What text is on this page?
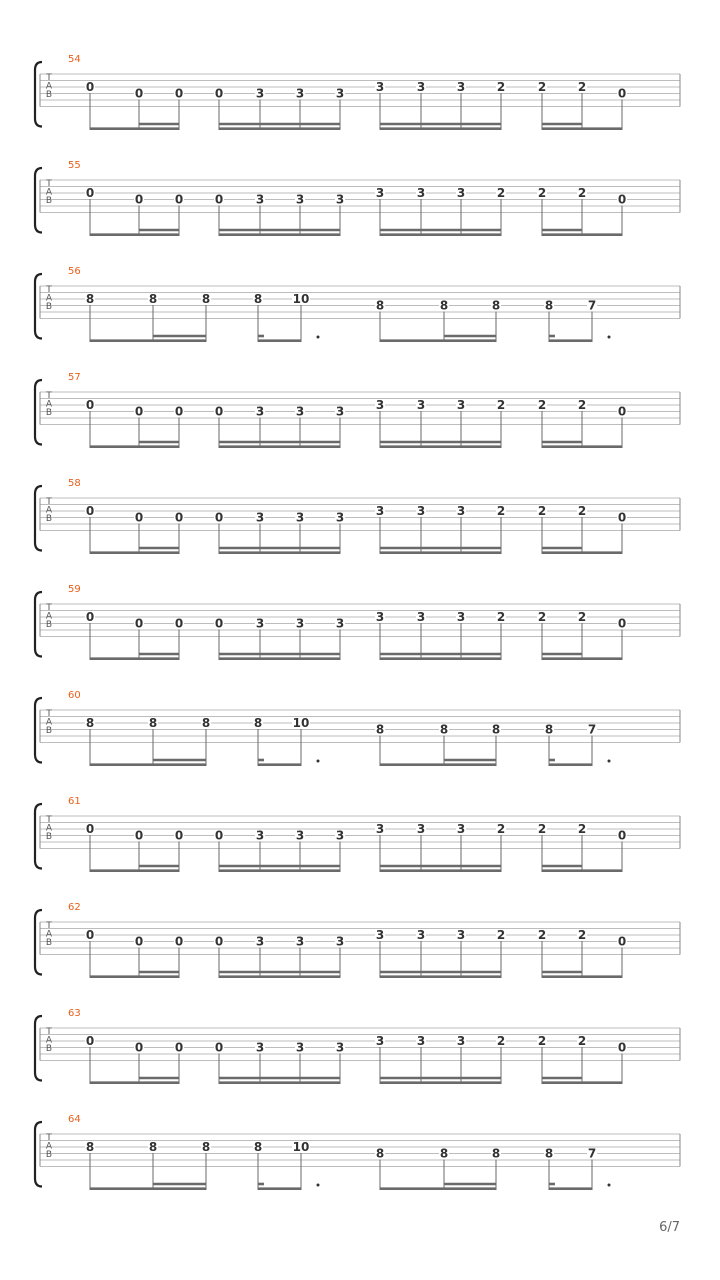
T
A
B
54
0	0	0	0	3	3	3	3	3	3	2	2	2	0
T
A
B
55
0	0	0	0	3	3	3	3	3	3	2	2	2	0
T
A
B
56
8	8	8	8	10	8	8	8	8	7
T
A
B
57
0	0	0	0	3	3	3	3	3	3	2	2	2	0
T
A
B
58
0	0	0	0	3	3	3	3	3	3	2	2	2	0
T
A
B
59
0	0	0	0	3	3	3	3	3	3	2	2	2	0
T
A
B
60
8	8	8	8	10	8	8	8	8	7
T
A
B
61
0	0	0	0	3	3	3	3	3	3	2	2	2	0
T
A
B
62
0	0	0	0	3	3	3	3	3	3	2	2	2	0
T
A
B
63
0	0	0	0	3	3	3	3	3	3	2	2	2	0
T
A
B
64
8	8	8	8	10	8	8	8	8	7
6/7
